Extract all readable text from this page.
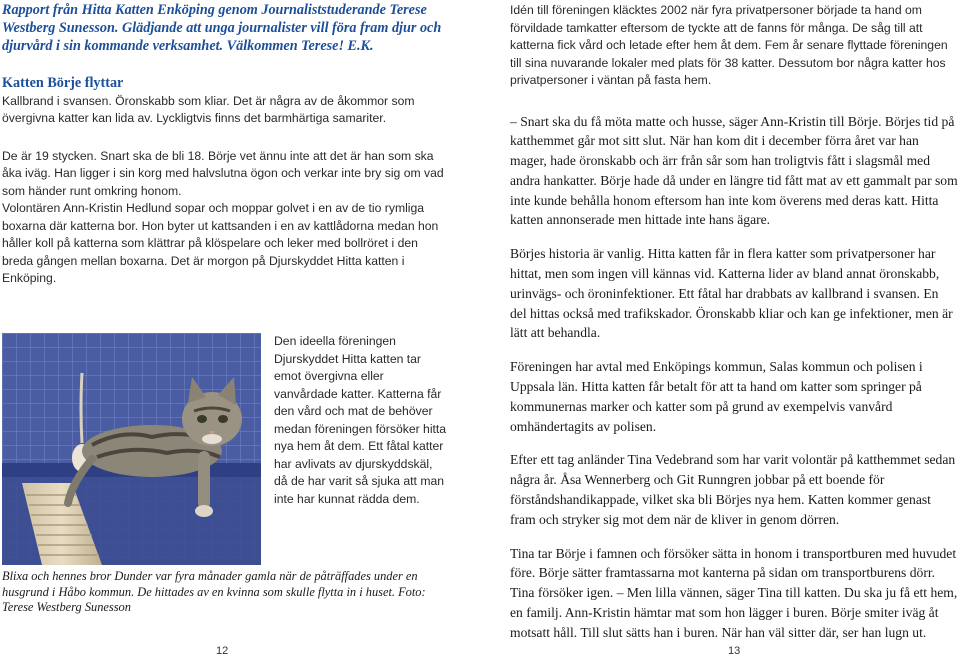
Rapport från Hitta Katten Enköping genom Journaliststuderande Terese Westberg Sunesson. Glädjande att unga journalister vill föra fram djur och djurvård i sin kommande verksamhet. Välkommen Terese! E.K.

Katten Börje flyttar

Kallbrand i svansen. Öronskabb som kliar. Det är några av de åkommor som övergivna katter kan lida av. Lyckligtvis finns det barmhärtiga samariter.

De är 19 stycken. Snart ska de bli 18. Börje vet ännu inte att det är han som ska åka iväg. Han ligger i sin korg med halvslutna ögon och verkar inte bry sig om vad som händer runt omkring honom.

Volontären Ann-Kristin Hedlund sopar och moppar golvet i en av de tio rymliga boxarna där katterna bor. Hon byter ut kattsanden i en av kattlådorna medan hon håller koll på katterna som klättrar på klöspelare och leker med bollröret i den breda gången mellan boxarna. Det är morgon på Djurskyddet Hitta katten i Enköping.

Den ideella föreningen Djurskyddet Hitta katten tar emot övergivna eller vanvårdade katter. Katterna får den vård och mat de behöver medan föreningen försöker hitta nya hem åt dem. Ett fåtal katter har avlivats av djurskyddskäl, då de har varit så sjuka att man inte har kunnat rädda dem.

Blixa och hennes bror Dunder var fyra månader gamla när de påträffades under en husgrund i Håbo kommun. De hittades av en kvinna som skulle flytta in i huset. Foto: Terese Westberg Sunesson

Idén till föreningen kläcktes 2002 när fyra privatpersoner började ta hand om förvildade tamkatter eftersom de tyckte att de fanns för många. De såg till att katterna fick vård och letade efter hem åt dem. Fem år senare flyttade föreningen till sina nuvarande lokaler med plats för 38 katter. Dessutom bor några katter hos privatpersoner i väntan på fasta hem.

– Snart ska du få möta matte och husse, säger Ann-Kristin till Börje. Börjes tid på katthemmet går mot sitt slut. När han kom dit i december förra året var han mager, hade öronskabb och ärr från sår som han troligtvis fått i slagsmål med andra hankatter. Börje hade då under en längre tid fått mat av ett gammalt par som inte kunde behålla honom eftersom han inte kom överens med deras katt. Hitta katten annonserade men hittade inte hans ägare.

Börjes historia är vanlig. Hitta katten får in flera katter som privatpersoner har hittat, men som ingen vill kännas vid. Katterna lider av bland annat öronskabb, urinvägs- och öroninfektioner. Ett fåtal har drabbats av kallbrand i svansen. En del hittas också med trafikskador. Öronskabb kliar och kan ge infektioner, men är lätt att behandla.

Föreningen har avtal med Enköpings kommun, Salas kommun och polisen i Uppsala län. Hitta katten får betalt för att ta hand om katter som springer på kommunernas marker och katter som på grund av exempelvis vanvård omhändertagits av polisen.

Efter ett tag anländer Tina Vedebrand som har varit volontär på katthemmet sedan några år. Åsa Wennerberg och Git Runngren jobbar på ett boende för förståndshandikappade, vilket ska bli Börjes nya hem. Katten kommer genast fram och stryker sig mot dem när de kliver in genom dörren.

Tina tar Börje i famnen och försöker sätta in honom i transportburen med huvudet före. Börje sätter framtassarna mot kanterna på sidan om transportburens dörr. Tina försöker igen. – Men lilla vännen, säger Tina till katten. Du ska ju få ett hem, en familj. Ann-Kristin hämtar mat som hon lägger i buren. Börje smiter iväg åt motsatt håll. Till slut sätts han i buren. När han väl sitter där, ser han lugn ut.

12	13
